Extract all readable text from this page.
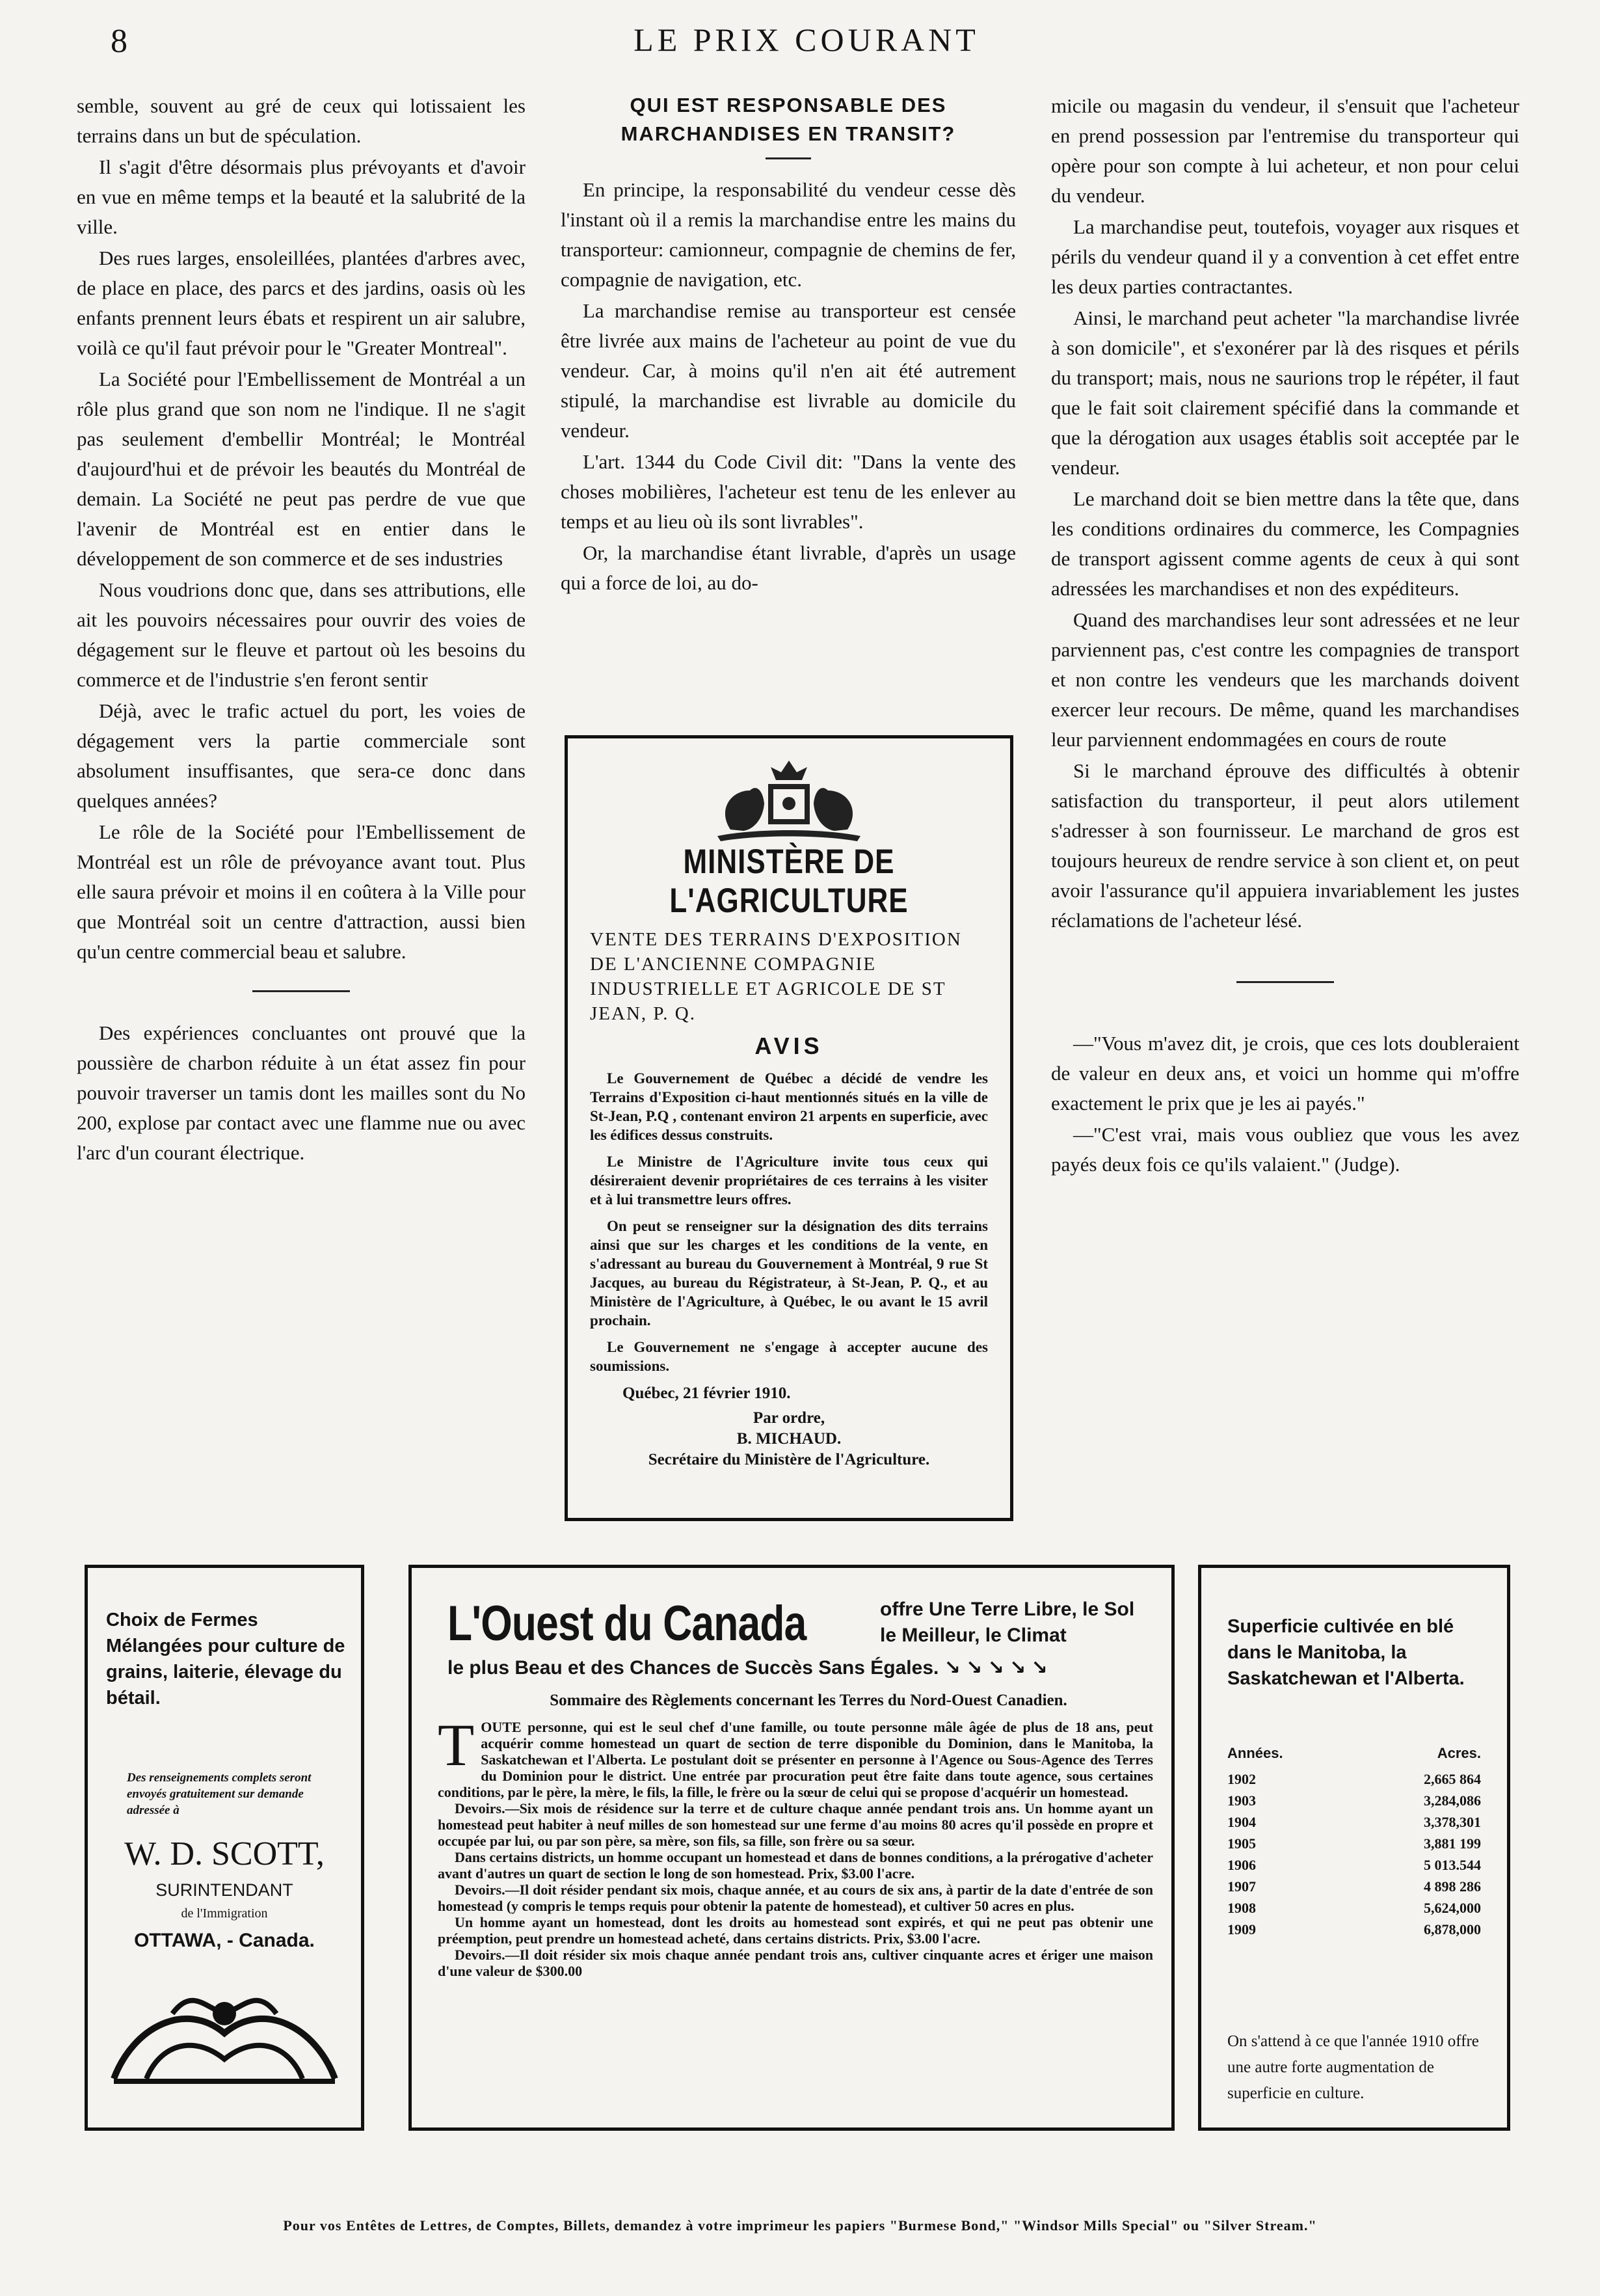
8	LE PRIX COURANT

semble, souvent au gré de ceux qui lotissaient les terrains dans un but de spéculation.

Il s'agit d'être désormais plus prévoyants et d'avoir en vue en même temps et la beauté et la salubrité de la ville.

Des rues larges, ensoleillées, plantées d'arbres avec, de place en place, des parcs et des jardins, oasis où les enfants prennent leurs ébats et respirent un air salubre, voilà ce qu'il faut prévoir pour le "Greater Montreal".

La Société pour l'Embellissement de Montréal a un rôle plus grand que son nom ne l'indique. Il ne s'agit pas seulement d'embellir Montréal; le Montréal d'aujourd'hui et de prévoir les beautés du Montréal de demain. La Société ne peut pas perdre de vue que l'avenir de Montréal est en entier dans le développement de son commerce et de ses industries

Nous voudrions donc que, dans ses attributions, elle ait les pouvoirs nécessaires pour ouvrir des voies de dégagement sur le fleuve et partout où les besoins du commerce et de l'industrie s'en feront sentir

Déjà, avec le trafic actuel du port, les voies de dégagement vers la partie commerciale sont absolument insuffisantes, que sera-ce donc dans quelques années?

Le rôle de la Société pour l'Embellissement de Montréal est un rôle de prévoyance avant tout. Plus elle saura prévoir et moins il en coûtera à la Ville pour que Montréal soit un centre d'attraction, aussi bien qu'un centre commercial beau et salubre.

Des expériences concluantes ont prouvé que la poussière de charbon réduite à un état assez fin pour pouvoir traverser un tamis dont les mailles sont du No 200, explose par contact avec une flamme nue ou avec l'arc d'un courant électrique.

QUI EST RESPONSABLE DES MARCHANDISES EN TRANSIT?

En principe, la responsabilité du vendeur cesse dès l'instant où il a remis la marchandise entre les mains du transporteur: camionneur, compagnie de chemins de fer, compagnie de navigation, etc.

La marchandise remise au transporteur est censée être livrée aux mains de l'acheteur au point de vue du vendeur. Car, à moins qu'il n'en ait été autrement stipulé, la marchandise est livrable au domicile du vendeur.

L'art. 1344 du Code Civil dit: "Dans la vente des choses mobilières, l'acheteur est tenu de les enlever au temps et au lieu où ils sont livrables".

Or, la marchandise étant livrable, d'après un usage qui a force de loi, au do-

MINISTÈRE DE L'AGRICULTURE
VENTE DES TERRAINS D'EXPOSITION DE L'ANCIENNE COMPAGNIE INDUSTRIELLE ET AGRICOLE DE ST JEAN, P. Q.
AVIS

Le Gouvernement de Québec a décidé de vendre les Terrains d'Exposition ci-haut mentionnés situés en la ville de St-Jean, P.Q , contenant environ 21 arpents en superficie, avec les édifices dessus construits.

Le Ministre de l'Agriculture invite tous ceux qui désireraient devenir propriétaires de ces terrains à les visiter et à lui transmettre leurs offres.

On peut se renseigner sur la désignation des dits terrains ainsi que sur les charges et les conditions de la vente, en s'adressant au bureau du Gouvernement à Montréal, 9 rue St Jacques, au bureau du Régistrateur, à St-Jean, P. Q., et au Ministère de l'Agriculture, à Québec, le ou avant le 15 avril prochain.

Le Gouvernement ne s'engage à accepter aucune des soumissions.

Québec, 21 février 1910.
Par ordre,
B. MICHAUD.
Secrétaire du Ministère de l'Agriculture.

micile ou magasin du vendeur, il s'ensuit que l'acheteur en prend possession par l'entremise du transporteur qui opère pour son compte à lui acheteur, et non pour celui du vendeur.

La marchandise peut, toutefois, voyager aux risques et périls du vendeur quand il y a convention à cet effet entre les deux parties contractantes.

Ainsi, le marchand peut acheter "la marchandise livrée à son domicile", et s'exonérer par là des risques et périls du transport; mais, nous ne saurions trop le répéter, il faut que le fait soit clairement spécifié dans la commande et que la dérogation aux usages établis soit acceptée par le vendeur.

Le marchand doit se bien mettre dans la tête que, dans les conditions ordinaires du commerce, les Compagnies de transport agissent comme agents de ceux à qui sont adressées les marchandises et non des expéditeurs.

Quand des marchandises leur sont adressées et ne leur parviennent pas, c'est contre les compagnies de transport et non contre les vendeurs que les marchands doivent exercer leur recours. De même, quand les marchandises leur parviennent endommagées en cours de route

Si le marchand éprouve des difficultés à obtenir satisfaction du transporteur, il peut alors utilement s'adresser à son fournisseur. Le marchand de gros est toujours heureux de rendre service à son client et, on peut avoir l'assurance qu'il appuiera invariablement les justes réclamations de l'acheteur lésé.

—"Vous m'avez dit, je crois, que ces lots doubleraient de valeur en deux ans, et voici un homme qui m'offre exactement le prix que je les ai payés."

—"C'est vrai, mais vous oubliez que vous les avez payés deux fois ce qu'ils valaient." (Judge).

Choix de Fermes Mélangées pour culture de grains, laiterie, élevage du bétail.
Des renseignements complets seront envoyés gratuitement sur demande adressée à
W. D. SCOTT,
SURINTENDANT
de l'Immigration
OTTAWA, - Canada.
L'Ouest du Canada	offre Une Terre Libre, le Sol le Meilleur, le Climat
le plus Beau et des Chances de Succès Sans Égales. ↘ ↘ ↘ ↘ ↘
Sommaire des Règlements concernant les Terres du Nord-Ouest Canadien.

TOUTE personne, qui est le seul chef d'une famille, ou toute personne mâle âgée de plus de 18 ans, peut acquérir comme homestead un quart de section de terre disponible du Dominion, dans le Manitoba, la Saskatchewan et l'Alberta. Le postulant doit se présenter en personne à l'Agence ou Sous-Agence des Terres du Dominion pour le district. Une entrée par procuration peut être faite dans toute agence, sous certaines conditions, par le père, la mère, le fils, la fille, le frère ou la sœur de celui qui se propose d'acquérir un homestead.

Devoirs.—Six mois de résidence sur la terre et de culture chaque année pendant trois ans. Un homme ayant un homestead peut habiter à neuf milles de son homestead sur une ferme d'au moins 80 acres qu'il possède en propre et occupée par lui, ou par son père, sa mère, son fils, sa fille, son frère ou sa sœur.

Dans certains districts, un homme occupant un homestead et dans de bonnes conditions, a la prérogative d'acheter avant d'autres un quart de section le long de son homestead. Prix, $3.00 l'acre.

Devoirs.—Il doit résider pendant six mois, chaque année, et au cours de six ans, à partir de la date d'entrée de son homestead (y compris le temps requis pour obtenir la patente de homestead), et cultiver 50 acres en plus.

Un homme ayant un homestead, dont les droits au homestead sont expirés, et qui ne peut pas obtenir une préemption, peut prendre un homestead acheté, dans certains districts. Prix, $3.00 l'acre.

Devoirs.—Il doit résider six mois chaque année pendant trois ans, cultiver cinquante acres et ériger une maison d'une valeur de $300.00

Superficie cultivée en blé dans le Manitoba, la Saskatchewan et l'Alberta.
Années.	Acres.
1902	2,665 864
1903	3,284,086
1904	3,378,301
1905	3,881 199
1906	5 013.544
1907	4 898 286
1908	5,624,000
1909	6,878,000
On s'attend à ce que l'année 1910 offre une autre forte augmentation de superficie en culture.
Pour vos Entêtes de Lettres, de Comptes, Billets, demandez à votre imprimeur les papiers "Burmese Bond," "Windsor Mills Special" ou "Silver Stream."
